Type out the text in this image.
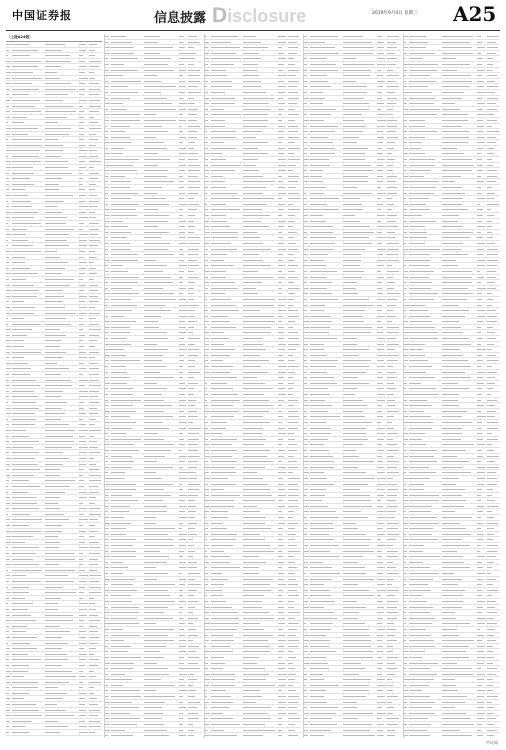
中国证券报	信息披露 Disclosure	2019年9月4日 星期三 A25
（上接A24版）
中证网
